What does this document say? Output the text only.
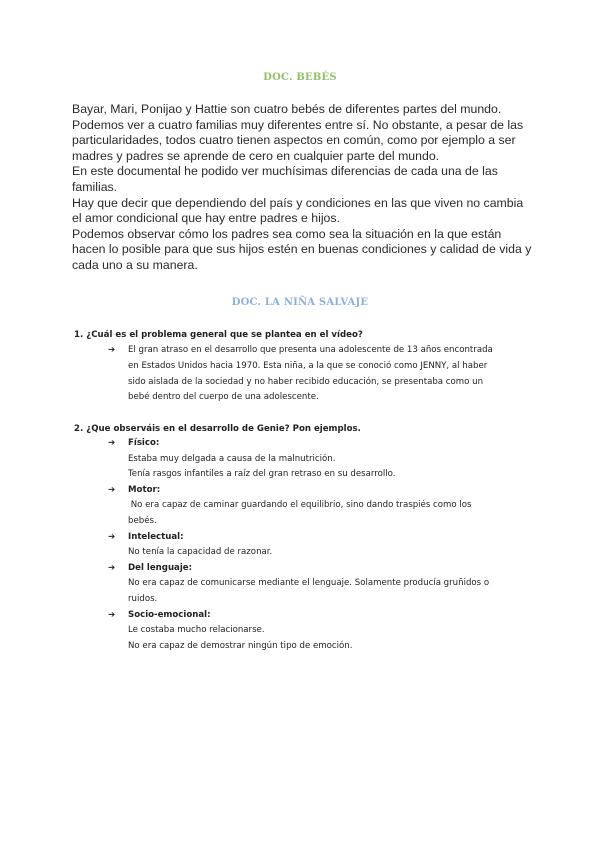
DOC. BEBÉS

Bayar, Mari, Ponijao y Hattie son cuatro bebés de diferentes partes del mundo.

Podemos ver a cuatro familias muy diferentes entre sí. No obstante, a pesar de las

particularidades, todos cuatro tienen aspectos en común, como por ejemplo a ser

madres y padres se aprende de cero en cualquier parte del mundo.

En este documental he podido ver muchísimas diferencias de cada una de las

familias.

Hay que decir que dependiendo del país y condiciones en las que viven no cambia

el amor condicional que hay entre padres e hijos.

Podemos observar cómo los padres sea como sea la situación en la que están

hacen lo posible para que sus hijos estén en buenas condiciones y calidad de vida y

cada uno a su manera.

DOC. LA NIÑA SALVAJE
1. ¿Cuál es el problema general que se plantea en el vídeo?
➔ El gran atraso en el desarrollo que presenta una adolescente de 13 años encontrada
en Estados Unidos hacia 1970. Esta niña, a la que se conoció como JENNY, al haber
sido aislada de la sociedad y no haber recibido educación, se presentaba como un
bebé dentro del cuerpo de una adolescente.
2. ¿Que observáis en el desarrollo de Genie? Pon ejemplos.
➔ Físico:
Estaba muy delgada a causa de la malnutrición.
Tenía rasgos infantiles a raíz del gran retraso en su desarrollo.
➔ Motor:
No era capaz de caminar guardando el equilibrio, sino dando traspiés como los
bebés.
➔ Intelectual:
No tenía la capacidad de razonar.
➔ Del lenguaje:
No era capaz de comunicarse mediante el lenguaje. Solamente producía gruñidos o
ruidos.
➔ Socio-emocional:
Le costaba mucho relacionarse.
No era capaz de demostrar ningún tipo de emoción.
